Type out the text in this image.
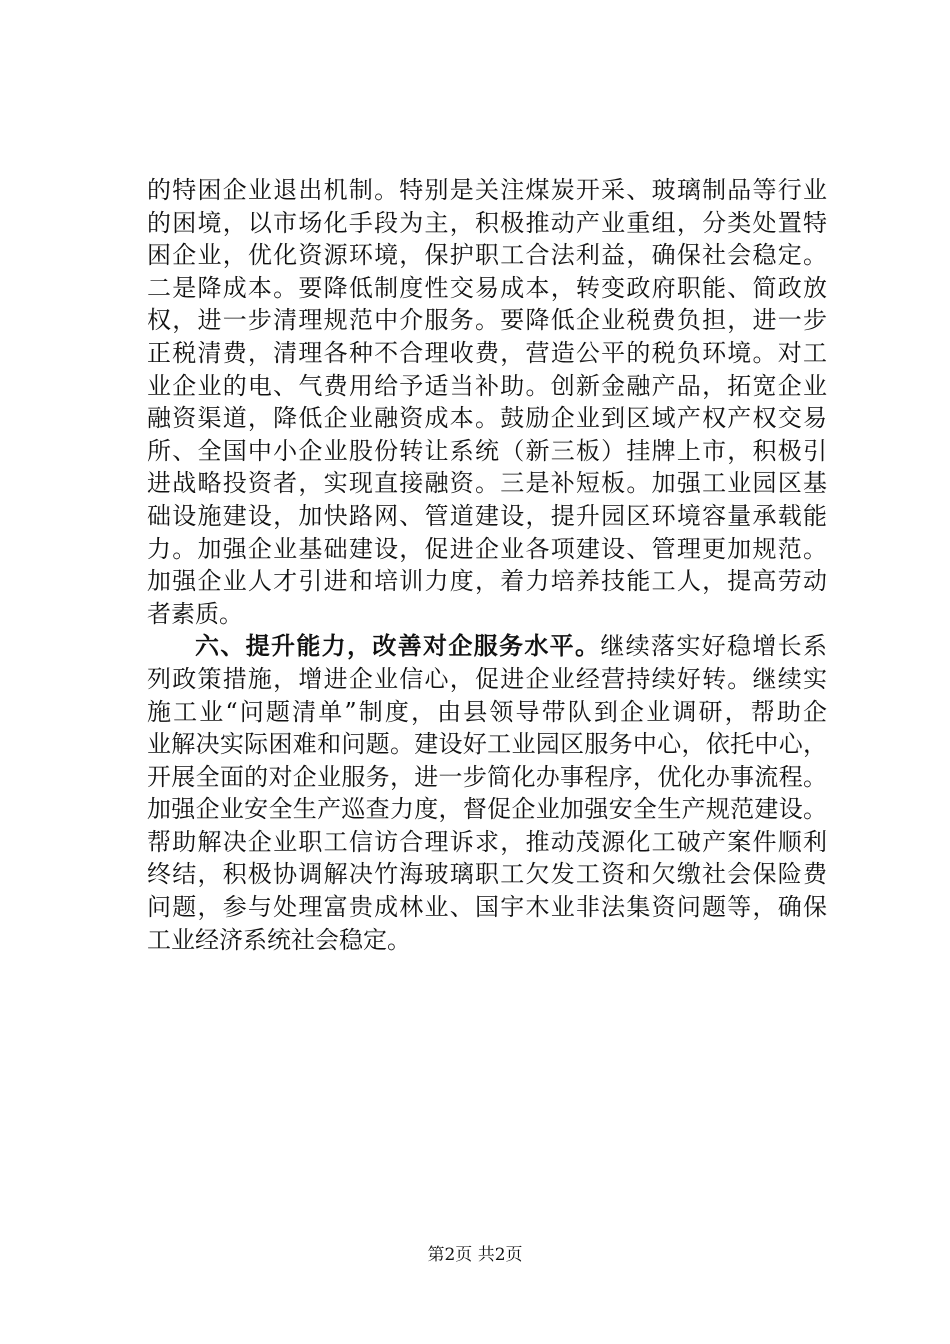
的特困企业退出机制。特别是关注煤炭开采、玻璃制品等行业
的困境，以市场化手段为主，积极推动产业重组，分类处置特
困企业，优化资源环境，保护职工合法利益，确保社会稳定。
二是降成本。要降低制度性交易成本，转变政府职能、简政放
权，进一步清理规范中介服务。要降低企业税费负担，进一步
正税清费，清理各种不合理收费，营造公平的税负环境。对工
业企业的电、气费用给予适当补助。创新金融产品，拓宽企业
融资渠道，降低企业融资成本。鼓励企业到区域产权产权交易
所、全国中小企业股份转让系统（新三板）挂牌上市，积极引
进战略投资者，实现直接融资。三是补短板。加强工业园区基
础设施建设，加快路网、管道建设，提升园区环境容量承载能
力。加强企业基础建设，促进企业各项建设、管理更加规范。
加强企业人才引进和培训力度，着力培养技能工人，提高劳动
者素质。
六、提升能力，改善对企服务水平。继续落实好稳增长系
列政策措施，增进企业信心，促进企业经营持续好转。继续实
施工业“问题清单”制度，由县领导带队到企业调研，帮助企
业解决实际困难和问题。建设好工业园区服务中心，依托中心，
开展全面的对企业服务，进一步简化办事程序，优化办事流程。
加强企业安全生产巡查力度，督促企业加强安全生产规范建设。
帮助解决企业职工信访合理诉求，推动茂源化工破产案件顺利
终结，积极协调解决竹海玻璃职工欠发工资和欠缴社会保险费
问题，参与处理富贵成林业、国宇木业非法集资问题等，确保
工业经济系统社会稳定。
第2页 共2页
